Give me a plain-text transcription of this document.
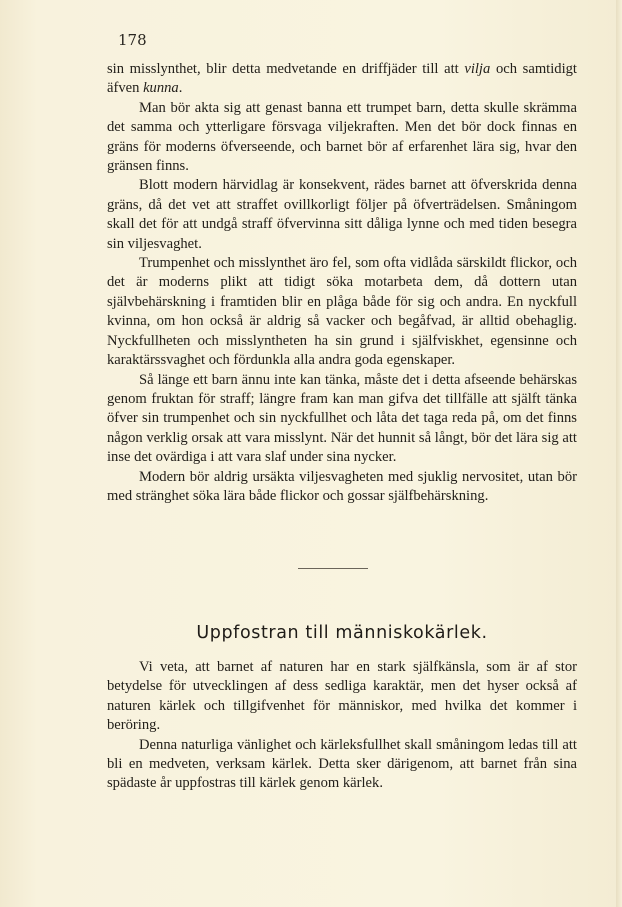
178

sin misslynthet, blir detta medvetande en driffjäder till att vilja och samtidigt äfven kunna.

Man bör akta sig att genast banna ett trumpet barn, detta skulle skrämma det samma och ytterligare försvaga viljekraften. Men det bör dock finnas en gräns för moderns öfverseende, och barnet bör af erfarenhet lära sig, hvar den gränsen finns.

Blott modern härvidlag är konsekvent, rädes barnet att öfverskrida denna gräns, då det vet att straffet ovillkorligt följer på öfverträdelsen. Småningom skall det för att undgå straff öfvervinna sitt dåliga lynne och med tiden besegra sin viljesvaghet.

Trumpenhet och misslynthet äro fel, som ofta vidlåda särskildt flickor, och det är moderns plikt att tidigt söka motarbeta dem, då dottern utan självbehärskning i framtiden blir en plåga både för sig och andra. En nyckfull kvinna, om hon också är aldrig så vacker och begåfvad, är alltid obehaglig. Nyckfullheten och misslyntheten ha sin grund i själfviskhet, egensinne och karaktärssvaghet och fördunkla alla andra goda egenskaper.

Så länge ett barn ännu inte kan tänka, måste det i detta afseende behärskas genom fruktan för straff; längre fram kan man gifva det tillfälle att själft tänka öfver sin trumpenhet och sin nyckfullhet och låta det taga reda på, om det finns någon verklig orsak att vara misslynt. När det hunnit så långt, bör det lära sig att inse det ovärdiga i att vara slaf under sina nycker.

Modern bör aldrig ursäkta viljesvagheten med sjuklig nervositet, utan bör med stränghet söka lära både flickor och gossar själfbehärskning.

Uppfostran till människokärlek.

Vi veta, att barnet af naturen har en stark själfkänsla, som är af stor betydelse för utvecklingen af dess sedliga karaktär, men det hyser också af naturen kärlek och tillgifvenhet för människor, med hvilka det kommer i beröring.

Denna naturliga vänlighet och kärleksfullhet skall småningom ledas till att bli en medveten, verksam kärlek. Detta sker därigenom, att barnet från sina spädaste år uppfostras till kärlek genom kärlek.
